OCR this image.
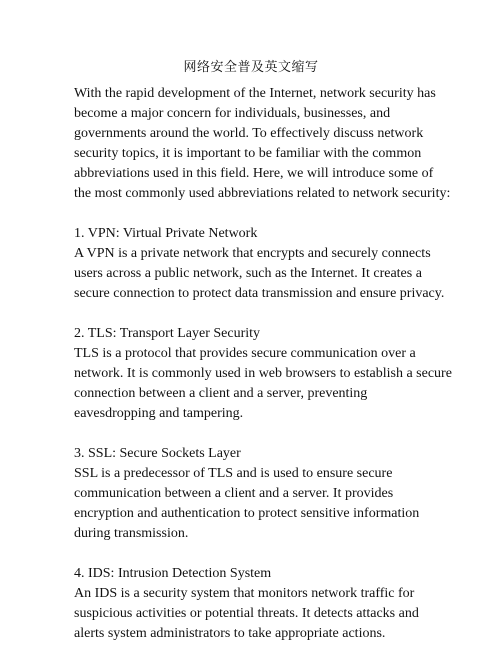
网络安全普及英文缩写

With the rapid development of the Internet, network security has
become a major concern for individuals, businesses, and
governments around the world. To effectively discuss network
security topics, it is important to be familiar with the common
abbreviations used in this field. Here, we will introduce some of
the most commonly used abbreviations related to network security:

1. VPN: Virtual Private Network
A VPN is a private network that encrypts and securely connects
users across a public network, such as the Internet. It creates a
secure connection to protect data transmission and ensure privacy.
2. TLS: Transport Layer Security
TLS is a protocol that provides secure communication over a
network. It is commonly used in web browsers to establish a secure
connection between a client and a server, preventing
eavesdropping and tampering.
3. SSL: Secure Sockets Layer
SSL is a predecessor of TLS and is used to ensure secure
communication between a client and a server. It provides
encryption and authentication to protect sensitive information
during transmission.
4. IDS: Intrusion Detection System
An IDS is a security system that monitors network traffic for
suspicious activities or potential threats. It detects attacks and
alerts system administrators to take appropriate actions.
